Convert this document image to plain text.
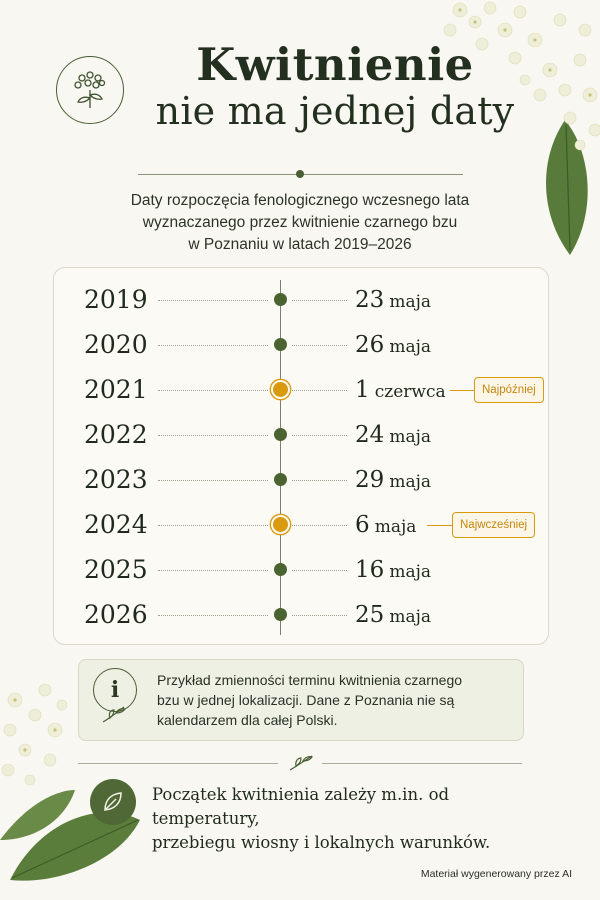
Kwitnienie
nie ma jednej daty
Daty rozpoczęcia fenologicznego wczesnego lata
wyznaczanego przez kwitnienie czarnego bzu
w Poznaniu w latach 2019–2026
2019	23 maja
2020	26 maja
2021	1 czerwca	Najpóźniej
2022	24 maja
2023	29 maja
2024	6 maja	Najwcześniej
2025	16 maja
2026	25 maja
i	Przykład zmienności terminu kwitnienia czarnego
bzu w jednej lokalizacji. Dane z Poznania nie są
kalendarzem dla całej Polski.
Początek kwitnienia zależy m.in. od temperatury,
przebiegu wiosny i lokalnych warunków.
Materiał wygenerowany przez AI
